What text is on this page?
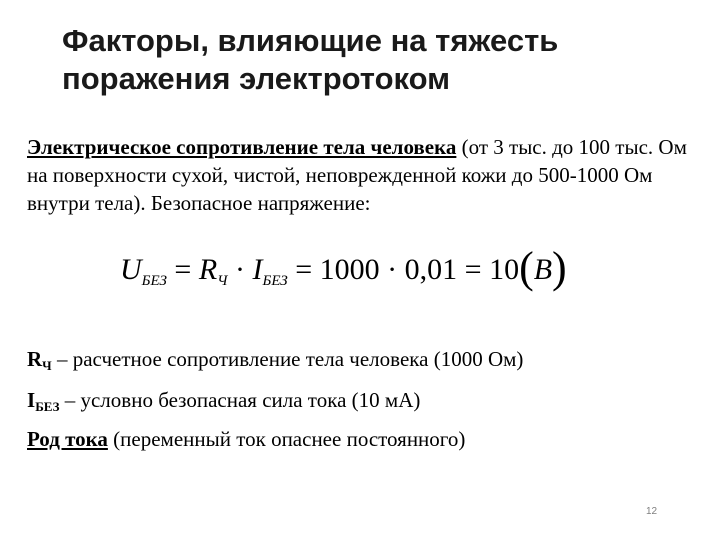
Факторы, влияющие на тяжесть
поражения электротоком
Электрическое сопротивление тела человека (от 3 тыс. до 100 тыс. Ом на поверхности сухой, чистой, неповрежденной кожи до 500-1000 Ом внутри тела). Безопасное напряжение:
$U_{БЕЗ} = R_Ч \cdot I_{БЕЗ} = 1000 \cdot 0,01 = 10(B)$
$R_Ч$ – расчетное сопротивление тела человека (1000 Ом)
$I_{БЕЗ}$ – условно безопасная сила тока (10 мА)
Род тока (переменный ток опаснее постоянного)
12
